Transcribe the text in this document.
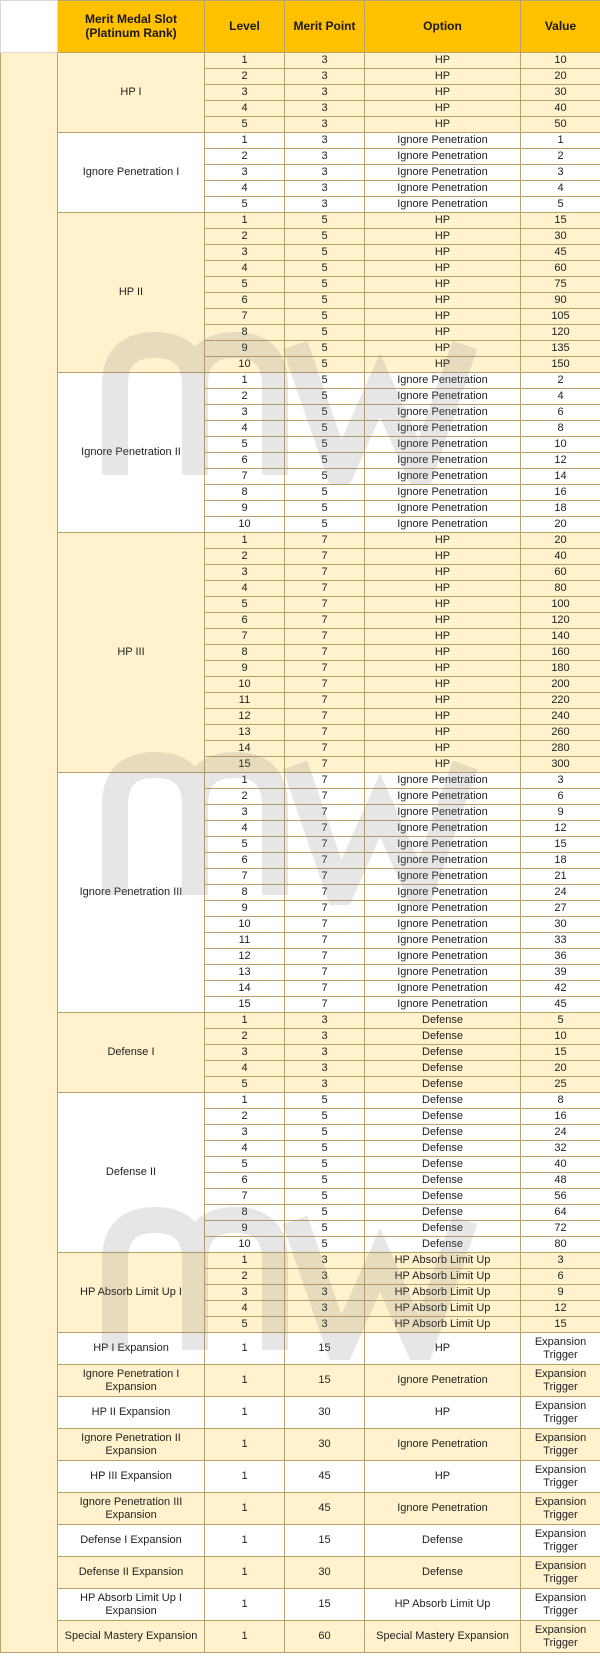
	Merit Medal Slot
(Platinum Rank)	Level	Merit Point	Option	Value
	HP I	1	3	HP	10
		2	3	HP	20
		3	3	HP	30
		4	3	HP	40
		5	3	HP	50
	Ignore Penetration I	1	3	Ignore Penetration	1
		2	3	Ignore Penetration	2
		3	3	Ignore Penetration	3
		4	3	Ignore Penetration	4
		5	3	Ignore Penetration	5
	HP II	1	5	HP	15
		2	5	HP	30
		3	5	HP	45
		4	5	HP	60
		5	5	HP	75
		6	5	HP	90
		7	5	HP	105
		8	5	HP	120
		9	5	HP	135
		10	5	HP	150
	Ignore Penetration II	1	5	Ignore Penetration	2
		2	5	Ignore Penetration	4
		3	5	Ignore Penetration	6
		4	5	Ignore Penetration	8
		5	5	Ignore Penetration	10
		6	5	Ignore Penetration	12
		7	5	Ignore Penetration	14
		8	5	Ignore Penetration	16
		9	5	Ignore Penetration	18
		10	5	Ignore Penetration	20
	HP III	1	7	HP	20
		2	7	HP	40
		3	7	HP	60
		4	7	HP	80
		5	7	HP	100
		6	7	HP	120
		7	7	HP	140
		8	7	HP	160
		9	7	HP	180
		10	7	HP	200
		11	7	HP	220
		12	7	HP	240
		13	7	HP	260
		14	7	HP	280
		15	7	HP	300
	Ignore Penetration III	1	7	Ignore Penetration	3
		2	7	Ignore Penetration	6
		3	7	Ignore Penetration	9
		4	7	Ignore Penetration	12
		5	7	Ignore Penetration	15
		6	7	Ignore Penetration	18
		7	7	Ignore Penetration	21
		8	7	Ignore Penetration	24
		9	7	Ignore Penetration	27
		10	7	Ignore Penetration	30
		11	7	Ignore Penetration	33
		12	7	Ignore Penetration	36
		13	7	Ignore Penetration	39
		14	7	Ignore Penetration	42
		15	7	Ignore Penetration	45
	Defense I	1	3	Defense	5
		2	3	Defense	10
		3	3	Defense	15
		4	3	Defense	20
		5	3	Defense	25
	Defense II	1	5	Defense	8
		2	5	Defense	16
		3	5	Defense	24
		4	5	Defense	32
		5	5	Defense	40
		6	5	Defense	48
		7	5	Defense	56
		8	5	Defense	64
		9	5	Defense	72
		10	5	Defense	80
	HP Absorb Limit Up I	1	3	HP Absorb Limit Up	3
		2	3	HP Absorb Limit Up	6
		3	3	HP Absorb Limit Up	9
		4	3	HP Absorb Limit Up	12
		5	3	HP Absorb Limit Up	15
	HP I Expansion	1	15	HP	Expansion Trigger
	Ignore Penetration I Expansion	1	15	Ignore Penetration	Expansion Trigger
	HP II Expansion	1	30	HP	Expansion Trigger
	Ignore Penetration II Expansion	1	30	Ignore Penetration	Expansion Trigger
	HP III Expansion	1	45	HP	Expansion Trigger
	Ignore Penetration III Expansion	1	45	Ignore Penetration	Expansion Trigger
	Defense I Expansion	1	15	Defense	Expansion Trigger
	Defense II Expansion	1	30	Defense	Expansion Trigger
	HP Absorb Limit Up I Expansion	1	15	HP Absorb Limit Up	Expansion Trigger
	Special Mastery Expansion	1	60	Special Mastery Expansion	Expansion Trigger
